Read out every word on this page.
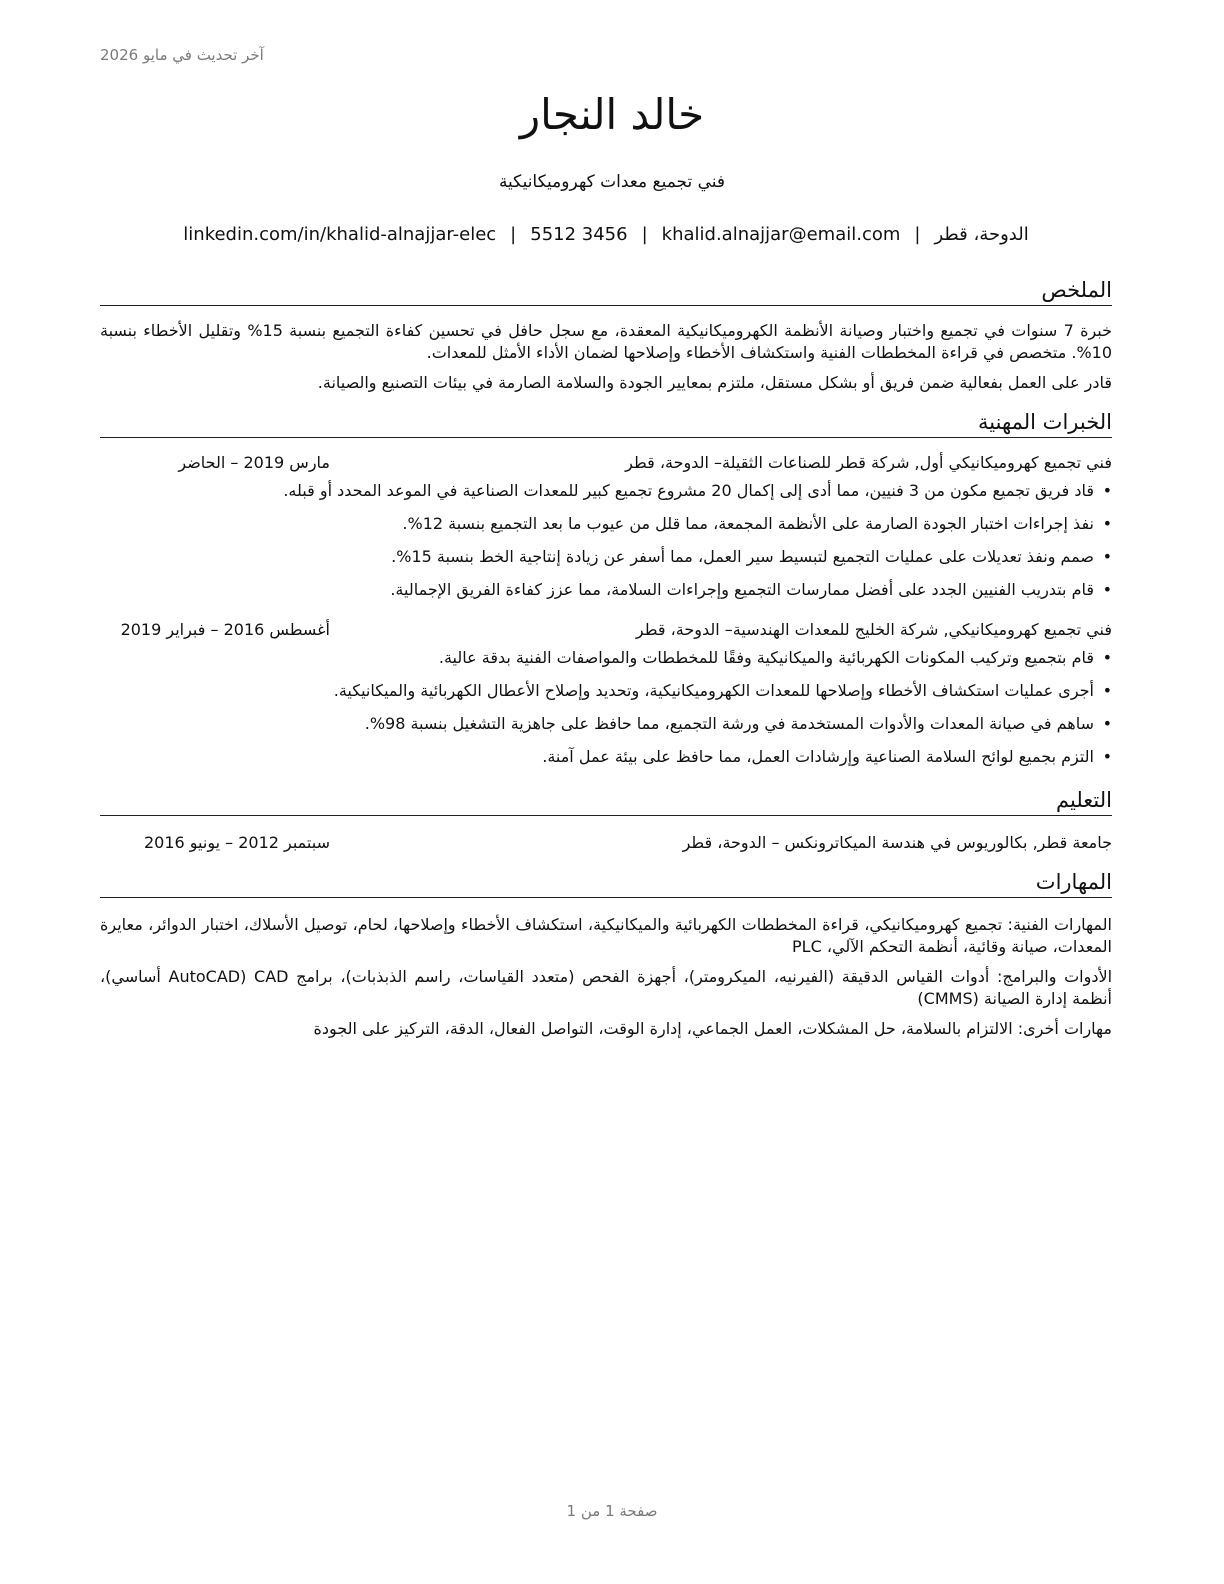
آخر تحديث في مايو 2026
خالد النجار
فني تجميع معدات كهروميكانيكية
الدوحة، قطر
|
khalid.alnajjar@email.com
|
5512 3456
|
linkedin.com/in/khalid-alnajjar-elec
الملخص

خبرة 7 سنوات في تجميع واختبار وصيانة الأنظمة الكهروميكانيكية المعقدة، مع سجل حافل في تحسين كفاءة التجميع بنسبة 15% وتقليل الأخطاء بنسبة 10%. متخصص في قراءة المخططات الفنية واستكشاف الأخطاء وإصلاحها لضمان الأداء الأمثل للمعدات.

قادر على العمل بفعالية ضمن فريق أو بشكل مستقل، ملتزم بمعايير الجودة والسلامة الصارمة في بيئات التصنيع والصيانة.

الخبرات المهنية
فني تجميع كهروميكانيكي أول, شركة قطر للصناعات الثقيلة
– الدوحة، قطر
مارس 2019 – الحاضر
• قاد فريق تجميع مكون من 3 فنيين، مما أدى إلى إكمال 20 مشروع تجميع كبير للمعدات الصناعية في الموعد المحدد أو قبله.
• نفذ إجراءات اختبار الجودة الصارمة على الأنظمة المجمعة، مما قلل من عيوب ما بعد التجميع بنسبة 12%.
• صمم ونفذ تعديلات على عمليات التجميع لتبسيط سير العمل، مما أسفر عن زيادة إنتاجية الخط بنسبة 15%.
• قام بتدريب الفنيين الجدد على أفضل ممارسات التجميع وإجراءات السلامة، مما عزز كفاءة الفريق الإجمالية.
فني تجميع كهروميكانيكي, شركة الخليج للمعدات الهندسية
– الدوحة، قطر
أغسطس 2016 – فبراير 2019
• قام بتجميع وتركيب المكونات الكهربائية والميكانيكية وفقًا للمخططات والمواصفات الفنية بدقة عالية.
• أجرى عمليات استكشاف الأخطاء وإصلاحها للمعدات الكهروميكانيكية، وتحديد وإصلاح الأعطال الكهربائية والميكانيكية.
• ساهم في صيانة المعدات والأدوات المستخدمة في ورشة التجميع، مما حافظ على جاهزية التشغيل بنسبة 98%.
• التزم بجميع لوائح السلامة الصناعية وإرشادات العمل، مما حافظ على بيئة عمل آمنة.
التعليم
جامعة قطر, بكالوريوس في هندسة الميكاترونكس – الدوحة، قطر
سبتمبر 2012 – يونيو 2016
المهارات

المهارات الفنية: تجميع كهروميكانيكي، قراءة المخططات الكهربائية والميكانيكية، استكشاف الأخطاء وإصلاحها، لحام، توصيل الأسلاك، اختبار الدوائر، معايرة المعدات، صيانة وقائية، أنظمة التحكم الآلي، PLC

الأدوات والبرامج: أدوات القياس الدقيقة (الفيرنيه، الميكرومتر)، أجهزة الفحص (متعدد القياسات، راسم الذبذبات)، برامج CAD (AutoCAD أساسي)، أنظمة إدارة الصيانة (CMMS)

مهارات أخرى: الالتزام بالسلامة، حل المشكلات، العمل الجماعي، إدارة الوقت، التواصل الفعال، الدقة، التركيز على الجودة

صفحة 1 من 1
